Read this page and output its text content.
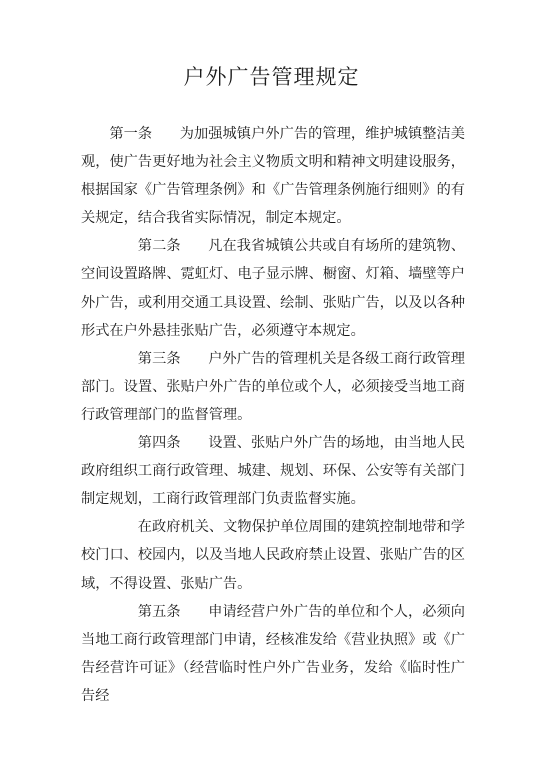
户外广告管理规定

第一条 为加强城镇户外广告的管理，维护城镇整洁美观，使广告更好地为社会主义物质文明和精神文明建设服务，根据国家《广告管理条例》和《广告管理条例施行细则》的有关规定，结合我省实际情况，制定本规定。

第二条 凡在我省城镇公共或自有场所的建筑物、空间设置路牌、霓虹灯、电子显示牌、橱窗、灯箱、墙壁等户外广告，或利用交通工具设置、绘制、张贴广告，以及以各种形式在户外悬挂张贴广告，必须遵守本规定。

第三条 户外广告的管理机关是各级工商行政管理部门。设置、张贴户外广告的单位或个人，必须接受当地工商行政管理部门的监督管理。

第四条 设置、张贴户外广告的场地，由当地人民政府组织工商行政管理、城建、规划、环保、公安等有关部门制定规划，工商行政管理部门负责监督实施。

在政府机关、文物保护单位周围的建筑控制地带和学校门口、校园内，以及当地人民政府禁止设置、张贴广告的区域，不得设置、张贴广告。

第五条 申请经营户外广告的单位和个人，必须向当地工商行政管理部门申请，经核准发给《营业执照》或《广告经营许可证》（经营临时性户外广告业务，发给《临时性广告经
